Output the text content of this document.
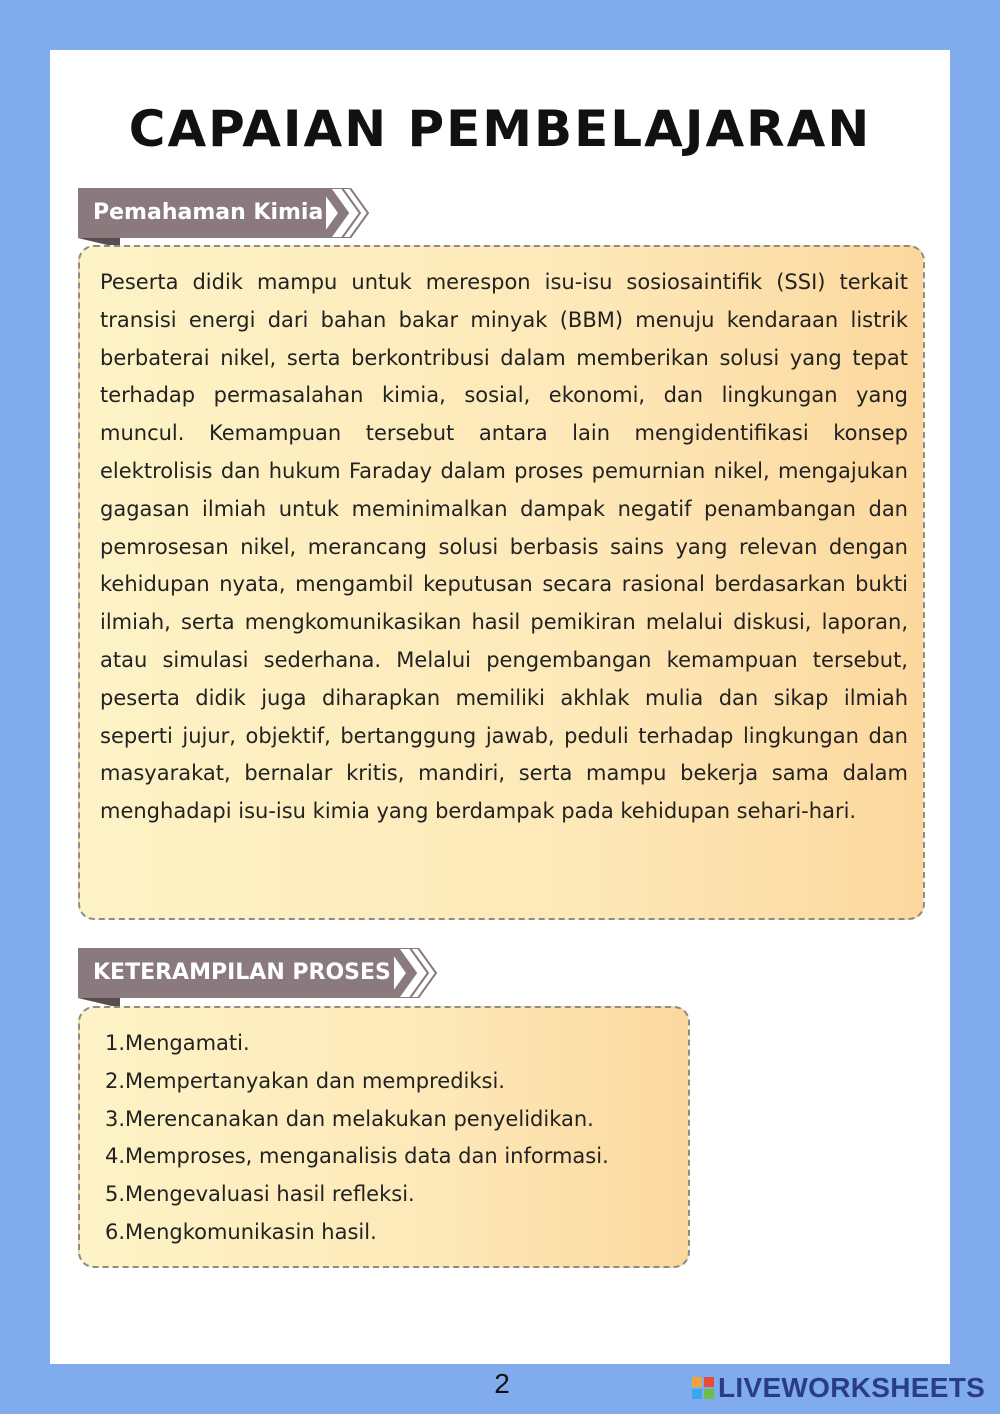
CAPAIAN PEMBELAJARAN
Pemahaman Kimia

Peserta didik mampu untuk merespon isu-isu sosiosaintifik (SSI) terkait transisi energi dari bahan bakar minyak (BBM) menuju kendaraan listrik berbaterai nikel, serta berkontribusi dalam memberikan solusi yang tepat terhadap permasalahan kimia, sosial, ekonomi, dan lingkungan yang muncul. Kemampuan tersebut antara lain mengidentifikasi konsep elektrolisis dan hukum Faraday dalam proses pemurnian nikel, mengajukan gagasan ilmiah untuk meminimalkan dampak negatif penambangan dan pemrosesan nikel, merancang solusi berbasis sains yang relevan dengan kehidupan nyata, mengambil keputusan secara rasional berdasarkan bukti ilmiah, serta mengkomunikasikan hasil pemikiran melalui diskusi, laporan, atau simulasi sederhana. Melalui pengembangan kemampuan tersebut, peserta didik juga diharapkan memiliki akhlak mulia dan sikap ilmiah seperti jujur, objektif, bertanggung jawab, peduli terhadap lingkungan dan masyarakat, bernalar kritis, mandiri, serta mampu bekerja sama dalam menghadapi isu-isu kimia yang berdampak pada kehidupan sehari-hari.

KETERAMPILAN PROSES
1.Mengamati.
2.Mempertanyakan dan memprediksi.
3.Merencanakan dan melakukan penyelidikan.
4.Memproses, menganalisis data dan informasi.
5.Mengevaluasi hasil refleksi.
6.Mengkomunikasin hasil.
2	LIVEWORKSHEETS
